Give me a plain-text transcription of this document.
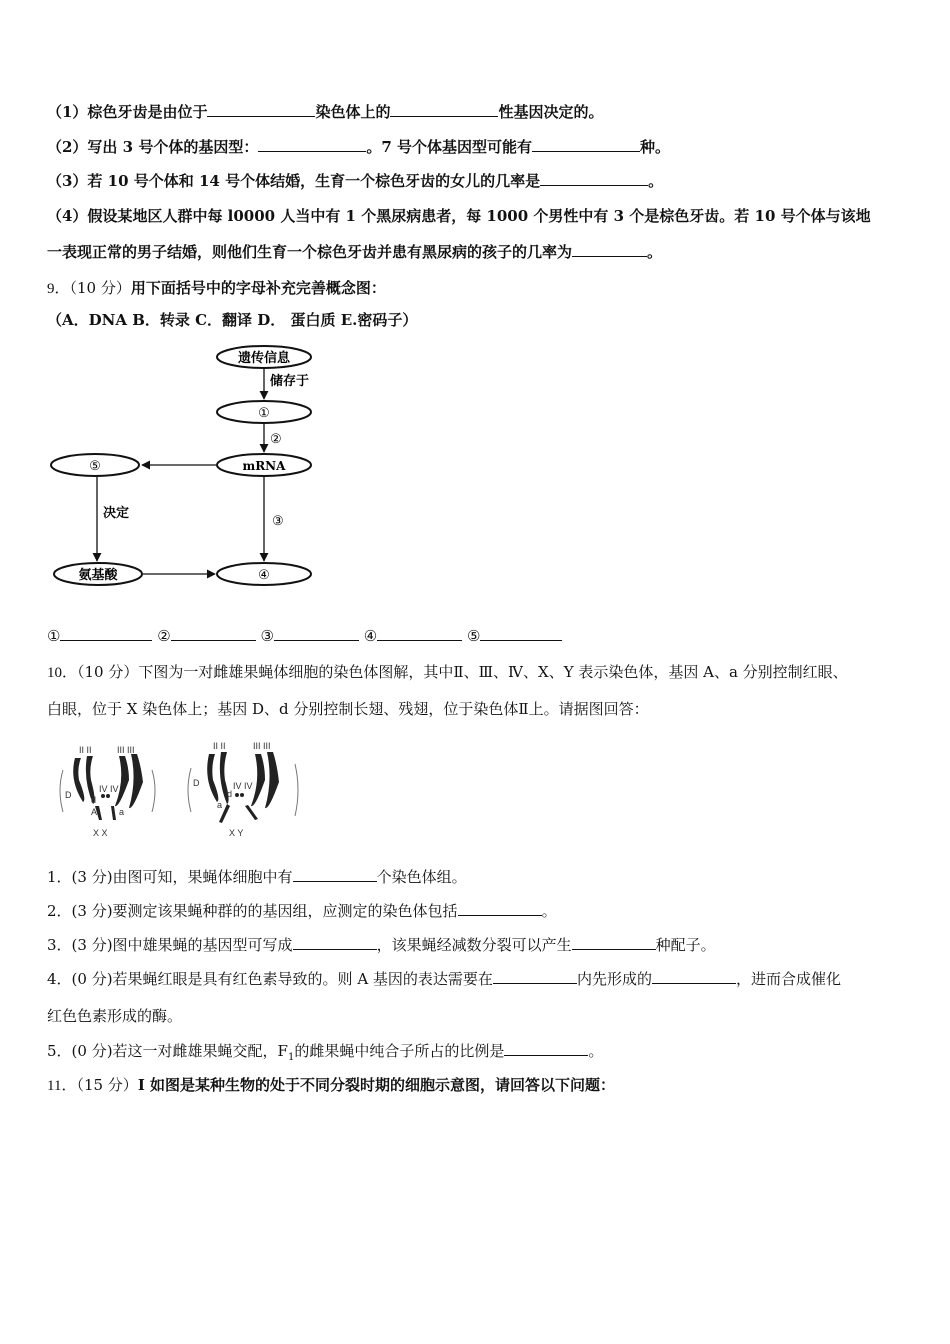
（1）棕色牙齿是由位于	染色体上的	性基因决定的。
（2）写出 3 号个体的基因型：	。7 号个体基因型可能有	种。
（3）若 10 号个体和 14 号个体结婚，生育一个棕色牙齿的女儿的几率是	。
（4）假设某地区人群中每 l0000 人当中有 1 个黑尿病患者，每 1000 个男性中有 3 个是棕色牙齿。若 10 号个体与该地
一表现正常的男子结婚，则他们生育一个棕色牙齿并患有黑尿病的孩子的几率为	。
9．（10 分）用下面括号中的字母补充完善概念图：
（A．DNA B．转录 C．翻译 D． 蛋白质 E.密码子）
遗传信息
①
mRNA
⑤
氨基酸	④
储存于
②
③
决定
①	②	③	④	⑤
10．（10 分）下图为一对雌雄果蝇体细胞的染色体图解，其中Ⅱ、Ⅲ、Ⅳ、X、Y 表示染色体，基因 A、a 分别控制红眼、
白眼，位于 X 染色体上；基因 D、d 分别控制长翅、残翅，位于染色体Ⅱ上。请据图回答：
II II	III III
IV IV
D d
A a
X X
II II	III III
IV IV
D
d
a
X Y
1．(3 分)由图可知，果蝇体细胞中有	个染色体组。
2．(3 分)要测定该果蝇种群的的基因组，应测定的染色体包括	。
3．(3 分)图中雄果蝇的基因型可写成	，该果蝇经减数分裂可以产生	种配子。
4．(0 分)若果蝇红眼是具有红色素导致的。则 A 基因的表达需要在	内先形成的	，进而合成催化
红色色素形成的酶。
5．(0 分)若这一对雌雄果蝇交配，$F_1$的雌果蝇中纯合子所占的比例是	。
11．（15 分）I 如图是某种生物的处于不同分裂时期的细胞示意图，请回答以下问题：
